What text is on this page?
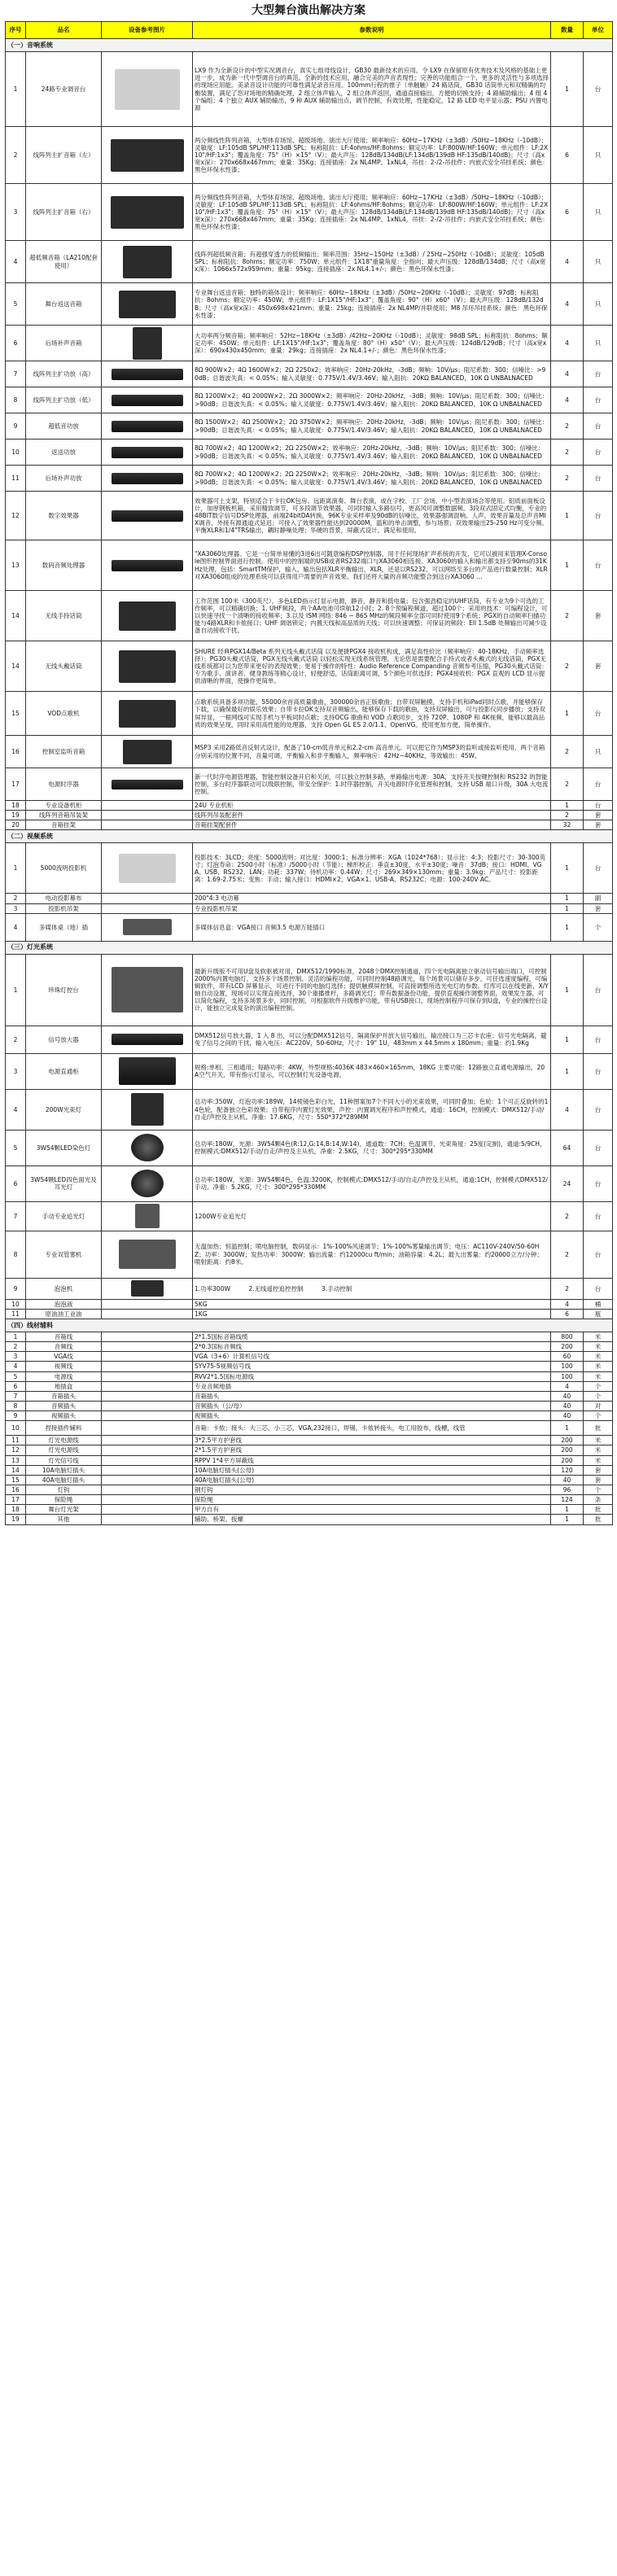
大型舞台演出解决方案
序号	品名	设备参考图片	参数说明	数量	单位
（一）音响系统					
1	24路专业调音台		LX9 作为全新设计的中型实况调音台，真实七组母线设计，GB30 最新技术的应用。令 LX9 在保留原有优秀技术及风格的基础上更进一步，成为新一代中型调音台的典范。全新的技术应用，融合完美的声音表现性；完善的功能组合一个、更多的灵活性与多项选择的现场应用能。美录音设计功能的可靠性满足录音应用。100mm行程的推子（单触触）24 路话筒，GB30 话筒单元和双精确的均衡装置，满足了您对场地的精确处理，2 组立体声输入，2 组立体声返回，通道直接输出，方便的切换支持；4 路辅助输出；4 组 4 个编组；4 个独立 AUX 辅助输出，9 种 AUX 辅助输出点，调节控制，有效处理，性能稳定，12 路 LED 电平显示器；PSU 内置电源	1	台
2	线阵列主扩音箱（左）		两分频线性阵列音箱，大型体育场馆、超级场地、演出大厅使用；频率响应：60Hz~17KHz（±3dB）/50Hz~18KHz（-10dB）；灵敏度：LF:105dB SPL/HF:113dB SPL；标称阻抗：LF:4ohms/HF:8ohms；额定功率：LF:800W/HF:160W；单元组件：LF:2X10"/HF:1x3"；覆盖角度：75°（H）×15°（V）；最大声压：128dB/134dB(LF:134dB/139dB HF:135dB/140dB)；尺寸（高x宽x深）：270x668x467mm；重量：35Kg；连接插座：2x NL4MP、1xNL4，吊挂：2-/2-吊挂件；内嵌式安全吊挂系统；颜色：黑色环保水性漆；	6	只
3	线阵列主扩音箱（右）		两分频线性阵列音箱，大型体育场馆、超级场地、演出大厅使用；频率响应：60Hz~17KHz（±3dB）/50Hz~18KHz（-10dB）；灵敏度：LF:105dB SPL/HF:113dB SPL；标称阻抗：LF:4ohms/HF:8ohms；额定功率：LF:800W/HF:160W；单元组件：LF:2X10"/HF:1x3"；覆盖角度：75°（H）×15°（V）；最大声压：128dB/134dB(LF:134dB/139dB HF:135dB/140dB)；尺寸（高x宽x深）：270x668x467mm；重量：35Kg；连接插座：2x NL4MP、1xNL4，吊挂：2-/2-吊挂件；内嵌式安全吊挂系统；颜色：黑色环保水性漆；	6	只
4	超低频音箱（LA210配套使用）		线阵列超低频音箱；有超强穿透力的低频输出；频率范围：35Hz~150Hz（±3dB）/ 25Hz~250Hz（-10dB）；灵敏度：105dB SPL；标称阻抗：8ohms；额定功率：750W；单元组件：1X18"重量角度：全指向；最大声压级：128dB/134dB；尺寸（高x宽x深）：1066x572x959mm；重量：95kg；连接插座：2x NL4.1+/-；颜色：黑色环保水性漆；	4	只
5	舞台返送音箱		专业舞台返送音箱；独特的箱体设计；频率响应：60Hz~18KHz（±3dB）/50Hz~20KHz（-10dB）；灵敏度：97dB；标称阻抗：8ohms；额定功率：450W；单元组件：LF:1X15"/HF:1x3"；覆盖角度：90°（H）x60°（V）；最大声压级：128dB/132dB；尺寸（高x宽x深）：450x698x421mm；重量：25kg；连接插座：2x NL4MP/并联使用；M8 吊环吊挂系统；颜色：黑色环保水性漆；	4	只
6	后场补声音箱		大功率两分频音箱；频率响应：52Hz~18KHz（±3dB）/42Hz~20KHz（-10dB）；灵敏度：98dB SPL；标称阻抗：8ohms；额定功率：450W；单元组件：LF:1X15"/HF:1x3"；覆盖角度：80°（H）x50°（V）；最大声压级：124dB/129dB；尺寸（高x宽x深）：690x430x450mm；重量：29kg；连接插座：2x NL4.1+/-；颜色：黑色环保水性漆；	4	只
7	线阵列主扩功放（高）		8Ω 900W×2；4Ω 1600W×2；2Ω 2250x2；效率响应：20Hz-20kHz，-3dB；频响：10V/μs；阻尼系数：300；信噪比：>90dB；总谐波失真：< 0.05%；输入灵敏度：0.775V/1.4V/3.46V；输入阻抗：20KΩ BALANCED，10K Ω UNBALNACED	4	台
8	线阵列主扩功放（低）		8Ω 1200W×2；4Ω 2000W×2；2Ω 3000W×2；频率响应：20Hz-20kHz，-3dB；频响：10V/μs；阻尼系数：300；信噪比：>90dB；总谐波失真：< 0.05%；输入灵敏度：0.775V/1.4V/3.46V；输入阻抗：20KΩ BALANCED，10K Ω UNBALNACED	4	台
9	超低音功放		8Ω 1500W×2；4Ω 2500W×2；2Ω 3750W×2；频率响应：20Hz-20kHz，-3dB；频响：10V/μs；阻尼系数：300；信噪比：>90dB；总谐波失真：< 0.05%；输入灵敏度：0.775V/1.4V/3.46V；输入阻抗：20KΩ BALANCED，10K Ω UNBALNACED	2	台
10	返送功放		8Ω 700W×2；4Ω 1200W×2；2Ω 2250W×2；效率响应：20Hz-20kHz，-3dB；频响：10V/μs；阻尼系数：300；信噪比：>90dB；总谐波失真：< 0.05%；输入灵敏度：0.775V/1.4V/3.46V；输入阻抗：20KΩ BALANCED，10K Ω UNBALNACED	2	台
11	后场补声功放		8Ω 700W×2；4Ω 1200W×2；2Ω 2250W×2；效率响应：20Hz-20kHz，-3dB；频响：10V/μs；阻尼系数：300；信噪比：>90dB；总谐波失真：< 0.05%；输入灵敏度：0.775V/1.4V/3.46V；输入阻抗：20KΩ BALANCED，10K Ω UNBALNACED	2	台
12	数字效果器		效果器可上支架，特别适合于卡拉OK包房、远距离演奏、舞台表演，或在字校、工厂会场，中小型表演场合等使用。铝质前面板设计，加厚钢板机箱，采用精致调节，可多段调节效果器，可同时输入多路信号，更高风可调整数据频。3段双式固定式均衡，专业的48BIT数字信号DSP处理器，前端24bitDA转换，96K专业采样率及90dB的信噪比，效果器强调混响。人声、效果音量及总声音MIX调音，外接有源通道式延迟；可接入了效果器性能达到20000M，温和的单击调整，参与场景；双效果输出25-250 Hz可变分频。平衡XLR和1/4"TRS输出，耦时静噪处理；华硬的背景，屏蔽式设计，满足和使用。	1	台
13	数码音频处理器		"XA3060处理器。它是一台简单易懂的3进6出可随意编程DSP控制器，用于任何现场扩声系统的开发，它可以被用来管理X-Console图形控制界面进行控制。使用中的控制端的USB或者RS232端口与XA3060相连接。XA3060的输入和输出都支持至90ms的31KHz处理，包括：SmartTM保护，输入、输出包括XLR平衡输出，XLR，还是以RS232，可以网络至多台的产品进行数量控制；XLR 对XA3060组成的处理系统可以获得用户需要的声音效果。我们还将大量的音频功能整合到这台XA3060 …	1	台
14	无线手持话筒		工作范围 100米（300英尺），多色LED指示灯显示电源，静音，静音和低电量；包含强劲稳定的UHF话筒，有专业为9个可选的工作频率，可以精确切换；1. UHF频段，两个AA电池可续航12小时；2. 8个预编程频道，超过100个；采用的技术：可编程设计，可以快速寻找一个清晰的接收频率；3.以及 ISM 网络: 846 ~ 865 MHz的频段频率全部可同时使用9个系统；PGX的自动频率扫描功能与4路XLR和卡侬接口；UHF 调谐锁定；内置天线和高品质的天线；可以快速调整；可保证的频段：Ell 1.5dB 处频输出可减少设备自动接收干扰。	2	套
14	无线头戴话筒		SHURE 经典PGX14/Beta 系列无线头戴式话筒 以及便捷PGX4 接收机构成，满足高性价比（频率响应：40-18KHz，手动频率选择）；PG30头戴式话筒，PGX无线头戴式话筒 以轻松实现无线系统管理。无论您是需要配合手持式或者头戴式的无线话筒，PGX无线系统都可以为您带来更好的表现效果；更易于操作的特性：Audio Reference Companding 音频参考压缩，PG30头戴式话筒：专为歌手、演讲者、健身教练等精心设计，轻便舒适，话筒距离可调，5个颜色可供选择；PGX4接收机：PGX 直观的 LCD 显示提供清晰的界面，使操作更简单。	2	套
15	VOD点歌机		点歌系统具备多项功能，55000余首高质量歌曲，300000余首正版歌曲；自带双屏触摸，支持手机和iPad同时点歌，并能够保存下载，以确保最好的娱乐效果；自带卡拉OK支持双音频输出，能够保存下载的歌曲，支持双屏输出，可与投影仪同步播放；支持双屏异显，一根网线可实现手机与平板同时点歌；支持OCG 歌曲和 VOD 点歌同步，支持 720P、1080P 和 4K视频，能够以最高品质的效果呈现，同时采用高性能的处理器，支持 Open GL ES 2.0/1.1、OpenVG。使用更加方便，简单操作。	1	台
16	控制室监听音箱		MSP3 采用2路低音反射式设计，配备了10-cm低音单元和2.2-cm 高音单元。可以把它作为MSP3的监听或接监听使用，两个音箱分别采用的位置不同，音量可调，平衡输入和非平衡输入，频率响应：42Hz~40KHz，等效输出：45W。	2	只
17	电源时序器		新一代时序电源管理器，智能控制设备开启和关闭，可以独立控制多路，单路输出电源：30A，支持开关按键控制和 RS232 的智能控制，多台时序器联动可以级联控制，带安全保护：1.时序器控制，开关电源时序化管理和控制，支持 USB 端口升级，30A 大电流控制。	2	台
18	专业设备机柜		24U 专业机柜	1	台
19	线阵列音箱吊装架		线阵列吊装配套件	2	套
20	音箱挂架		音箱挂架配套件	32	套
（二）视频系统					
1	5000流明投影机		投影技术：3LCD；亮度：5000流明；对比度：3000:1；标准分辨率：XGA（1024*768）；显示比：4:3；投影尺寸：30-300英寸；灯泡寿命：2500小时（标准）/5000小时（节能）；梯形校正：垂直±30度，水平±30度；噪音：37dB；接口：HDMI、VGA、USB、RS232、LAN；功耗：337W；待机功率：0.44W；尺寸：269×349×130mm；重量：3.9kg；产品尺寸：投影距离：1.69-2.75米；变焦：手动；输入接口：HDMI×2、VGA×1、USB-A、RS232C；电源：100-240V AC。	1	台
2	电动投影幕布		200"4:3 电动幕	1	副
3	投影机吊架		专业投影机吊架	1	套
4	多媒体桌（地）插		多媒体信息盒：VGA接口 音频3.5 电源万能插口	1	个
（三）灯光系统					
1	珍珠灯控台		最新升级版不可用U盘及软驱被对用，DMX512/1990标准，2048个DMX控制通道，四个光电隔离独立驱动信号输出端口，可控制2000%内置电脑灯，支持多个场景控制。灵活的编程功能，可同时控制48路调光，每个场景可以储存多步，可任选速度编程，可编辑软件，带有LCD 屏幕显示，可进行不同的电脑灯选择；提供触摸屏控制，可直接调整所选光电灯的参数。灯库可以在线更新，X/Y轴自动设置，现场可以实现直接选择，30个重播推杆，多路调光灯；带有数据备份功能，提供直观操作调整界面，效果发生器，可以简化编程，支持多场景多步，同时控制，可根据软件升级维护功能，带有USB接口，现场控制程序可保存到U盘，专业的操控台设计，能独立完成复杂的演出编程控制。	1	台
2	信号放大器		DMX512信号放大器，1 入 8 出，可以分配DMX512信号，隔离保护并放大信号输出，输出接口为三芯卡农座；信号光电隔离，避免了信号之间的干扰，输入电压：AC220V，50-60Hz，尺寸：19" 1U，483mm x 44.5mm x 180mm；重量：约1.9Kg	1	台
3	电源直通柜		规格:单相、三相通用；每路功率：4KW，外型规格:4036K 483×460×165mm，18KG 主要功能：12路独立直通电源输出，20A空气开关，带有指示灯显示，可以控制灯光设备电源。	1	台
4	200W光束灯		总功率:350W，灯泡功率:189W，14棱镜色彩白光，11种图案加7个不同大小的光束效果，可同时叠加；色轮：1个可正反旋转的14色轮，配备独立色彩效果；自带程序内置灯光效果，声控：内置调光程序和声控模式，通道：16CH，控制模式：DMX512/手动/自走/声控及主从机。净重：17.6KG，尺寸：550*372*289MM	4	台
5	3W54颗LED染色灯		总功率:180W，光源：3W54颗4色(R:12,G:14,B:14,W:14)，通道数：7CH；色温调节，光束角度：25度(定制)，通道:5/9CH，控制模式:DMX512/手动/自走/声控及主从机，净重：2.5KG，尺寸：300*295*330MM	64	台
6	3W54颗LED四色面光及耳光灯		总功率:180W，光源：3W54颗4色，色温:3200K，控制模式:DMX512/手动/自走/声控及主从机，通道:1CH，控制模式DMX512/手动。净重：5.2KG，尺寸：300*295*330MM	24	台
7	手动专业追光灯		1200W专业追光灯	2	台
8	专业双管雾机		无温加热；恒温控制；喷电脑控制，数码显示：1%-100%风速调节；1%-100%雾量输出调节；电压：AC110V-240V/50-60HZ；功率：3000W；发热功率：3000W；输出流量：约12000cu ft/min；油箱容量：4.2L；最大出雾量：约20000立方/分钟；喷射距离：约8米。	2	台
9	泡泡机		1.功率300W　　　2.无线遥控追控控制　　　3.手动控制	2	台
10	泡泡液		5KG	4	桶
11	原油油工业油		1KG	6	瓶
（四）线材辅料					
1	音箱线		2*1.5国标音箱线缆	800	米
2	音频线		2*0.3国标音频线	200	米
3	VGA线		VGA（3+6）计算机信号线	60	米
4	视频线		SYV75-5视频信号线	100	米
5	电源线		RVV2*1.5国标电源线	100	米
6	地插盒		专业音频地插	4	个
7	音箱插头		音箱插头	40	个
8	音频插头		音频插头（公/母）	40	对
9	视频插头		视频插头	40	个
10	捏接插件辅料		音箱：卡侬；接头：大三芯，小三芯，VGA,232接口，焊锡，卡侬转接头，电工用胶布，线槽，线管	1	批
11	灯光电源线		3*2.5平方护套线	200	米
12	灯光电源线		2*1.5平方护套线	200	米
13	灯光信号线		RPPV 1*4平方屏蔽线	200	米
14	10A电脑灯插头		10A电脑灯插头(公母)	120	套
15	40A电脑灯插头		40A电脑灯插头(公母)	40	套
16	灯钩		钢灯钩	96	个
17	保险绳		保险绳	124	条
18	舞台灯光架		甲方自有	1	批
19	其他		辅助、桥架、扳螺	1	批
